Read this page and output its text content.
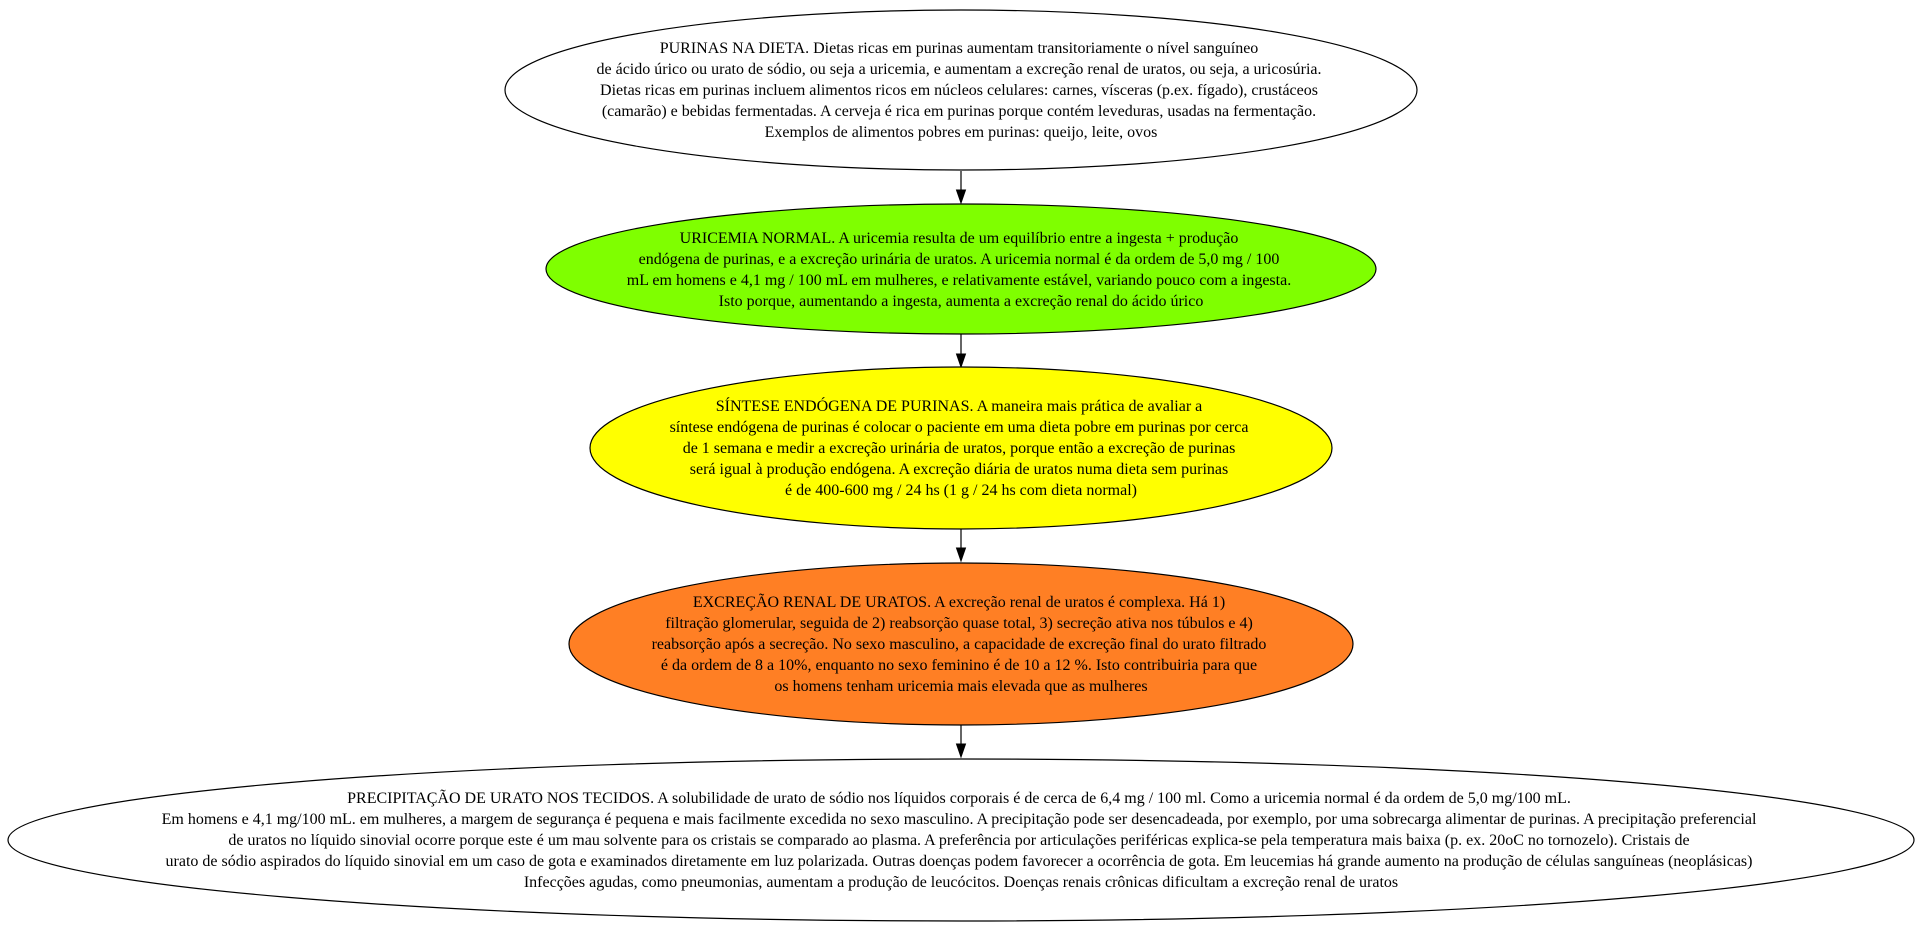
PURINAS NA DIETA. Dietas ricas em purinas aumentam transitoriamente o nível sanguíneo de ácido úrico ou urato de sódio, ou seja a uricemia, e aumentam a excreção renal de uratos, ou seja, a uricosúria. Dietas ricas em purinas incluem alimentos ricos em núcleos celulares: carnes, vísceras (p.ex. fígado), crustáceos (camarão) e bebidas fermentadas. A cerveja é rica em purinas porque contém leveduras, usadas na fermentação. Exemplos de alimentos pobres em purinas: queijo, leite, ovos
URICEMIA NORMAL. A uricemia resulta de um equilíbrio entre a ingesta + produção endógena de purinas, e a excreção urinária de uratos. A uricemia normal é da ordem de 5,0 mg / 100 mL em homens e 4,1 mg / 100 mL em mulheres, e relativamente estável, variando pouco com a ingesta. Isto porque, aumentando a ingesta, aumenta a excreção renal do ácido úrico
SÍNTESE ENDÓGENA DE PURINAS. A maneira mais prática de avaliar a síntese endógena de purinas é colocar o paciente em uma dieta pobre em purinas por cerca de 1 semana e medir a excreção urinária de uratos, porque então a excreção de purinas será igual à produção endógena. A excreção diária de uratos numa dieta sem purinas é de 400-600 mg / 24 hs (1 g / 24 hs com dieta normal)
EXCREÇÃO RENAL DE URATOS. A excreção renal de uratos é complexa. Há 1) filtração glomerular, seguida de 2) reabsorção quase total, 3) secreção ativa nos túbulos e 4) reabsorção após a secreção. No sexo masculino, a capacidade de excreção final do urato filtrado é da ordem de 8 a 10%, enquanto no sexo feminino é de 10 a 12 %. Isto contribuiria para que os homens tenham uricemia mais elevada que as mulheres
PRECIPITAÇÃO DE URATO NOS TECIDOS. A solubilidade de urato de sódio nos líquidos corporais é de cerca de 6,4 mg / 100 ml. Como a uricemia normal é da ordem de 5,0 mg/100 mL. Em homens e 4,1 mg/100 mL. em mulheres, a margem de segurança é pequena e mais facilmente excedida no sexo masculino. A precipitação pode ser desencadeada, por exemplo, por uma sobrecarga alimentar de purinas. A precipitação preferencial de uratos no líquido sinovial ocorre porque este é um mau solvente para os cristais se comparado ao plasma. A preferência por articulações periféricas explica-se pela temperatura mais baixa (p. ex. 20oC no tornozelo). Cristais de urato de sódio aspirados do líquido sinovial em um caso de gota e examinados diretamente em luz polarizada. Outras doenças podem favorecer a ocorrência de gota. Em leucemias há grande aumento na produção de células sanguíneas (neoplásicas) Infecções agudas, como pneumonias, aumentam a produção de leucócitos. Doenças renais crônicas dificultam a excreção renal de uratos
